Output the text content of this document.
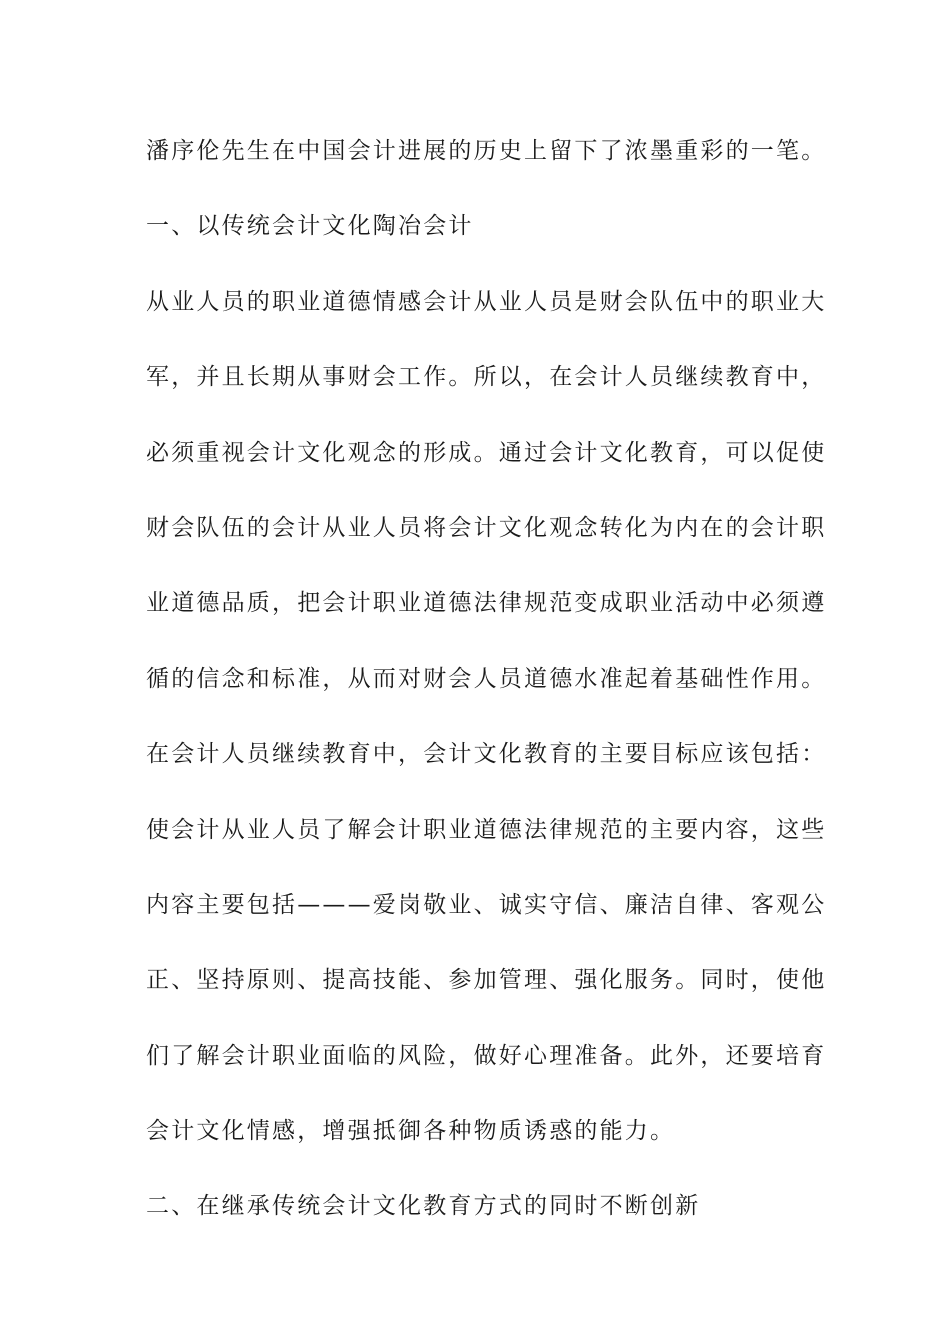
潘序伦先生在中国会计进展的历史上留下了浓墨重彩的一笔。
一、以传统会计文化陶冶会计
从业人员的职业道德情感会计从业人员是财会队伍中的职业大
军，并且长期从事财会工作。所以，在会计人员继续教育中，
必须重视会计文化观念的形成。通过会计文化教育，可以促使
财会队伍的会计从业人员将会计文化观念转化为内在的会计职
业道德品质，把会计职业道德法律规范变成职业活动中必须遵
循的信念和标准，从而对财会人员道德水准起着基础性作用。
在会计人员继续教育中，会计文化教育的主要目标应该包括：
使会计从业人员了解会计职业道德法律规范的主要内容，这些
内容主要包括———爱岗敬业、诚实守信、廉洁自律、客观公
正、坚持原则、提高技能、参加管理、强化服务。同时，使他
们了解会计职业面临的风险，做好心理准备。此外，还要培育
会计文化情感，增强抵御各种物质诱惑的能力。
二、在继承传统会计文化教育方式的同时不断创新
